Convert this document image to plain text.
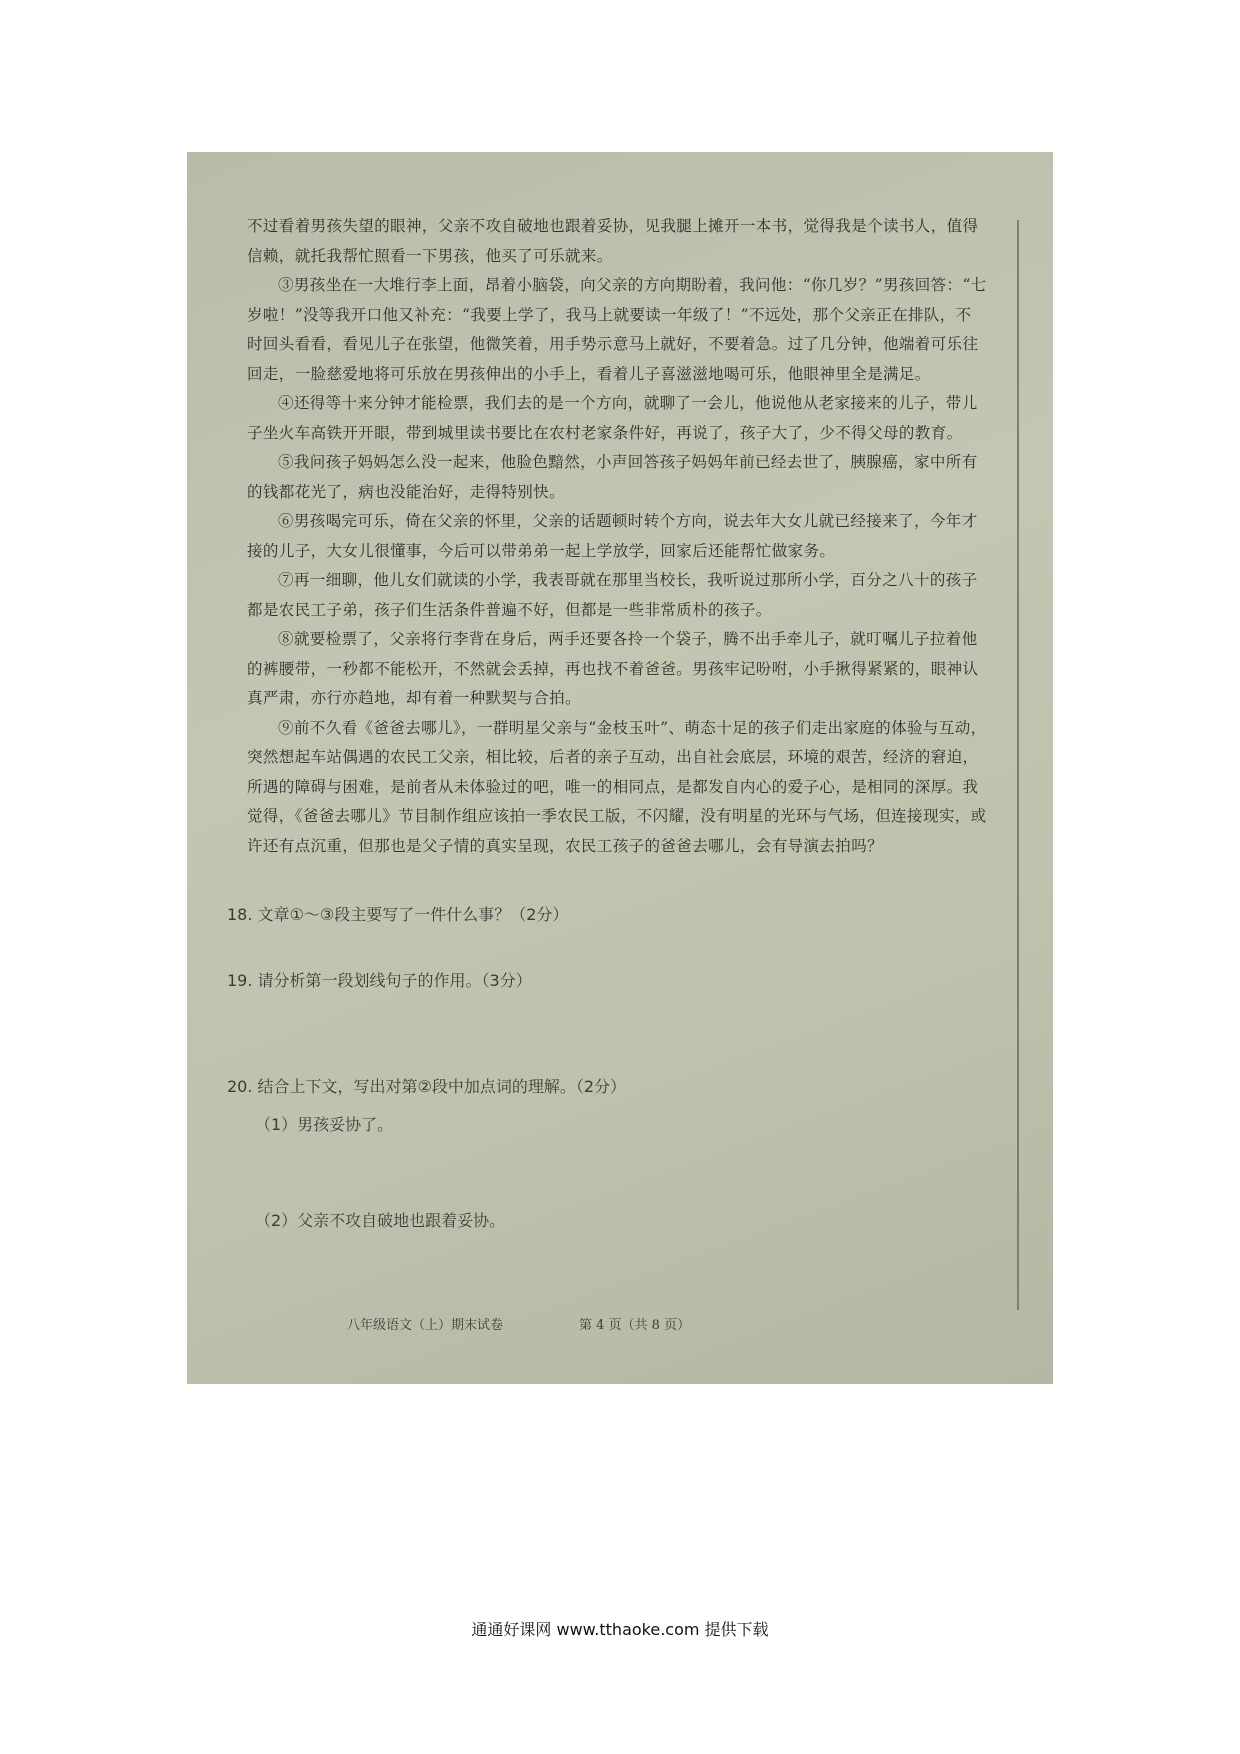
不过看着男孩失望的眼神，父亲不攻自破地也跟着妥协，见我腿上摊开一本书，觉得我是个读书人，值得信赖，就托我帮忙照看一下男孩，他买了可乐就来。

③男孩坐在一大堆行李上面，昂着小脑袋，向父亲的方向期盼着，我问他：“你几岁？”男孩回答：“七岁啦！”没等我开口他又补充：“我要上学了，我马上就要读一年级了！”不远处，那个父亲正在排队，不时回头看看，看见儿子在张望，他微笑着，用手势示意马上就好，不要着急。过了几分钟，他端着可乐往回走，一脸慈爱地将可乐放在男孩伸出的小手上，看着儿子喜滋滋地喝可乐，他眼神里全是满足。

④还得等十来分钟才能检票，我们去的是一个方向，就聊了一会儿，他说他从老家接来的儿子，带儿子坐火车高铁开开眼，带到城里读书要比在农村老家条件好，再说了，孩子大了，少不得父母的教育。

⑤我问孩子妈妈怎么没一起来，他脸色黯然，小声回答孩子妈妈年前已经去世了，胰腺癌，家中所有的钱都花光了，病也没能治好，走得特别快。

⑥男孩喝完可乐，倚在父亲的怀里，父亲的话题顿时转个方向，说去年大女儿就已经接来了，今年才接的儿子，大女儿很懂事，今后可以带弟弟一起上学放学，回家后还能帮忙做家务。

⑦再一细聊，他儿女们就读的小学，我表哥就在那里当校长，我听说过那所小学，百分之八十的孩子都是农民工子弟，孩子们生活条件普遍不好，但都是一些非常质朴的孩子。

⑧就要检票了，父亲将行李背在身后，两手还要各拎一个袋子，腾不出手牵儿子，就叮嘱儿子拉着他的裤腰带，一秒都不能松开，不然就会丢掉，再也找不着爸爸。男孩牢记吩咐，小手揪得紧紧的，眼神认真严肃，亦行亦趋地，却有着一种默契与合拍。

⑨前不久看《爸爸去哪儿》，一群明星父亲与“金枝玉叶”、萌态十足的孩子们走出家庭的体验与互动，突然想起车站偶遇的农民工父亲，相比较，后者的亲子互动，出自社会底层，环境的艰苦，经济的窘迫，所遇的障碍与困难，是前者从未体验过的吧，唯一的相同点，是都发自内心的爱子心，是相同的深厚。我觉得，《爸爸去哪儿》节目制作组应该拍一季农民工版，不闪耀，没有明星的光环与气场，但连接现实，或许还有点沉重，但那也是父子情的真实呈现，农民工孩子的爸爸去哪儿，会有导演去拍吗？

18. 文章①～③段主要写了一件什么事？（2分）
19. 请分析第一段划线句子的作用。（3分）
20. 结合上下文，写出对第②段中加点词的理解。（2分）
（1）男孩妥协了。
（2）父亲不攻自破地也跟着妥协。
八年级语文（上）期末试卷	第 4 页（共 8 页）
通通好课网 www.tthaoke.com 提供下载
